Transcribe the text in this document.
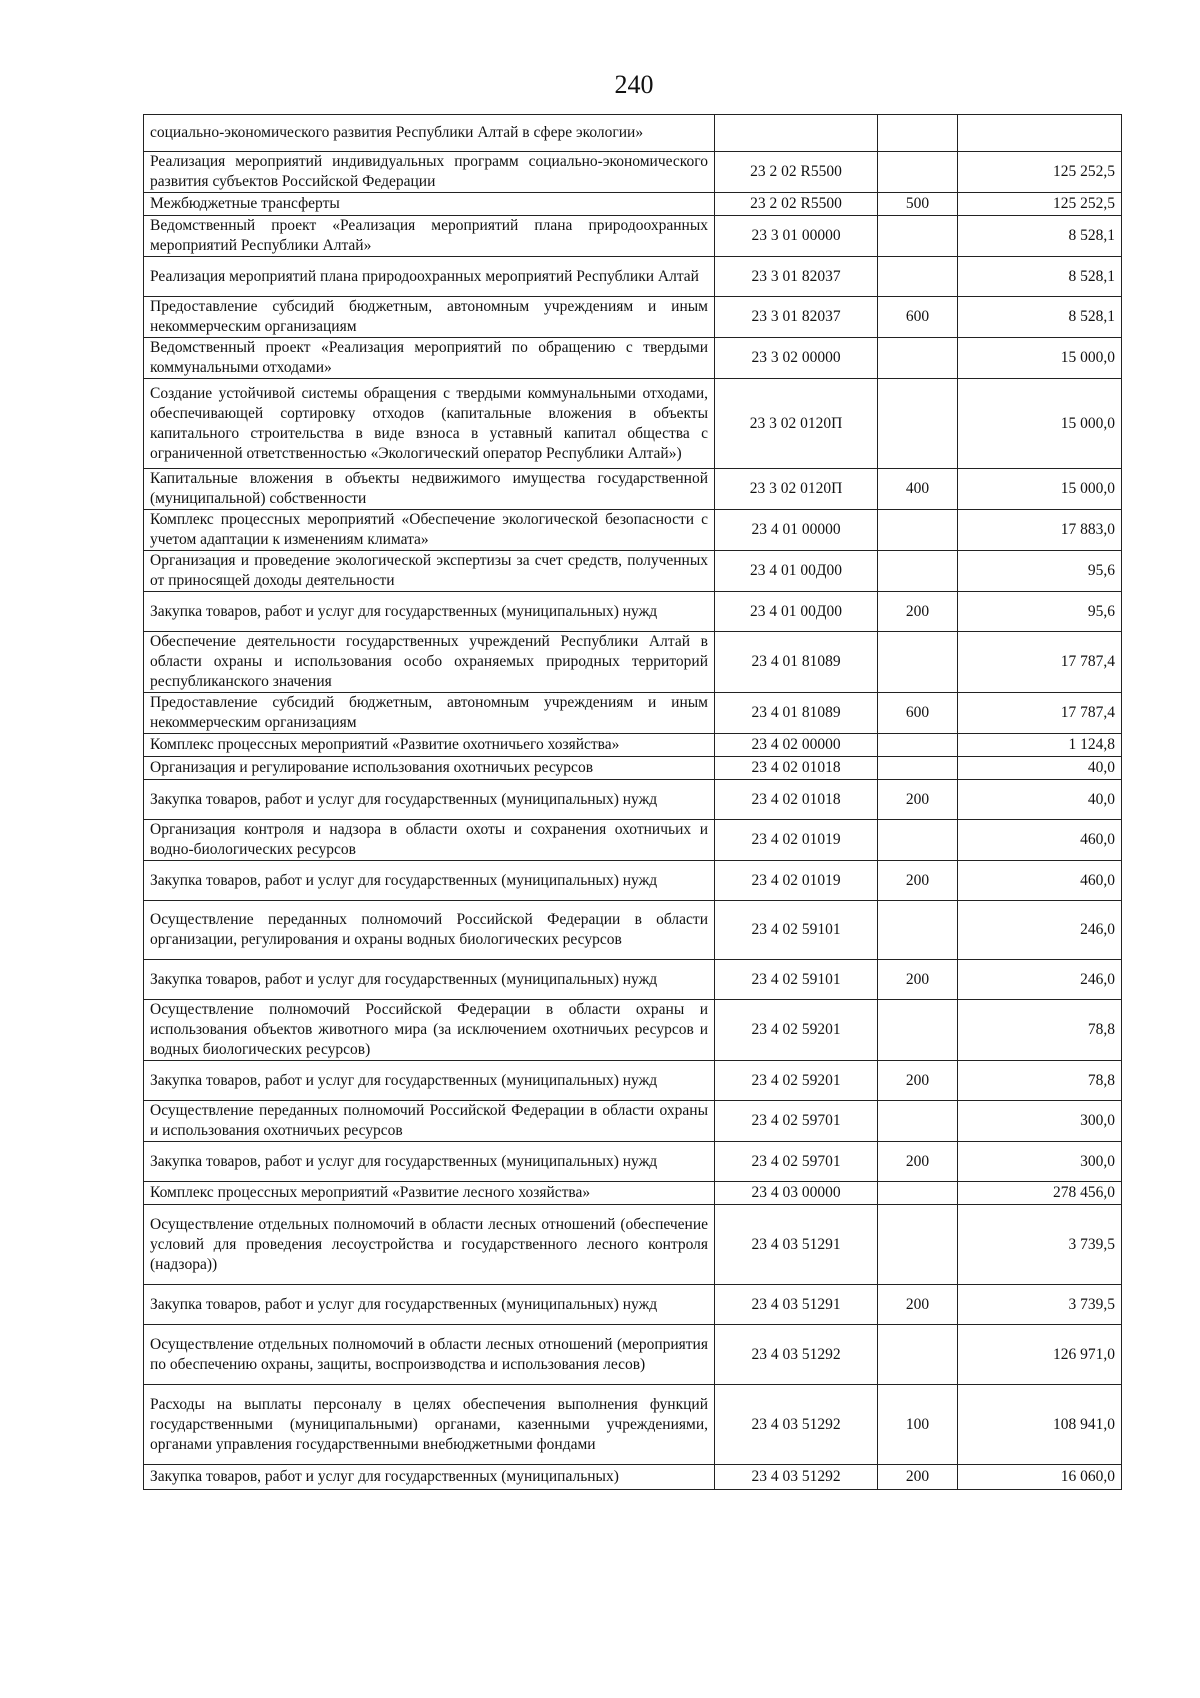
240
социально-экономического развития Республики Алтай в сфере экологии»			
Реализация мероприятий индивидуальных программ социально-экономического развития субъектов Российской Федерации	23 2 02 R5500		125 252,5
Межбюджетные трансферты	23 2 02 R5500	500	125 252,5
Ведомственный проект «Реализация мероприятий плана природоохранных мероприятий Республики Алтай»	23 3 01 00000		8 528,1
Реализация мероприятий плана природоохранных мероприятий Республики Алтай	23 3 01 82037		8 528,1
Предоставление субсидий бюджетным, автономным учреждениям и иным некоммерческим организациям	23 3 01 82037	600	8 528,1
Ведомственный проект «Реализация мероприятий по обращению с твердыми коммунальными отходами»	23 3 02 00000		15 000,0
Создание устойчивой системы обращения с твердыми коммунальными отходами, обеспечивающей сортировку отходов (капитальные вложения в объекты капитального строительства в виде взноса в уставный капитал общества с ограниченной ответственностью «Экологический оператор Республики Алтай»)	23 3 02 0120П		15 000,0
Капитальные вложения в объекты недвижимого имущества государственной (муниципальной) собственности	23 3 02 0120П	400	15 000,0
Комплекс процессных мероприятий «Обеспечение экологической безопасности с учетом адаптации к изменениям климата»	23 4 01 00000		17 883,0
Организация и проведение экологической экспертизы за счет средств, полученных от приносящей доходы деятельности	23 4 01 00Д00		95,6
Закупка товаров, работ и услуг для государственных (муниципальных) нужд	23 4 01 00Д00	200	95,6
Обеспечение деятельности государственных учреждений Республики Алтай в области охраны и использования особо охраняемых природных территорий республиканского значения	23 4 01 81089		17 787,4
Предоставление субсидий бюджетным, автономным учреждениям и иным некоммерческим организациям	23 4 01 81089	600	17 787,4
Комплекс процессных мероприятий «Развитие охотничьего хозяйства»	23 4 02 00000		1 124,8
Организация и регулирование использования охотничьих ресурсов	23 4 02 01018		40,0
Закупка товаров, работ и услуг для государственных (муниципальных) нужд	23 4 02 01018	200	40,0
Организация контроля и надзора в области охоты и сохранения охотничьих и водно-биологических ресурсов	23 4 02 01019		460,0
Закупка товаров, работ и услуг для государственных (муниципальных) нужд	23 4 02 01019	200	460,0
Осуществление переданных полномочий Российской Федерации в области организации, регулирования и охраны водных биологических ресурсов	23 4 02 59101		246,0
Закупка товаров, работ и услуг для государственных (муниципальных) нужд	23 4 02 59101	200	246,0
Осуществление полномочий Российской Федерации в области охраны и использования объектов животного мира (за исключением охотничьих ресурсов и водных биологических ресурсов)	23 4 02 59201		78,8
Закупка товаров, работ и услуг для государственных (муниципальных) нужд	23 4 02 59201	200	78,8
Осуществление переданных полномочий Российской Федерации в области охраны и использования охотничьих ресурсов	23 4 02 59701		300,0
Закупка товаров, работ и услуг для государственных (муниципальных) нужд	23 4 02 59701	200	300,0
Комплекс процессных мероприятий «Развитие лесного хозяйства»	23 4 03 00000		278 456,0
Осуществление отдельных полномочий в области лесных отношений (обеспечение условий для проведения лесоустройства и государственного лесного контроля (надзора))	23 4 03 51291		3 739,5
Закупка товаров, работ и услуг для государственных (муниципальных) нужд	23 4 03 51291	200	3 739,5
Осуществление отдельных полномочий в области лесных отношений (мероприятия по обеспечению охраны, защиты, воспроизводства и использования лесов)	23 4 03 51292		126 971,0
Расходы на выплаты персоналу в целях обеспечения выполнения функций государственными (муниципальными) органами, казенными учреждениями, органами управления государственными внебюджетными фондами	23 4 03 51292	100	108 941,0
Закупка товаров, работ и услуг для государственных (муниципальных)	23 4 03 51292	200	16 060,0
